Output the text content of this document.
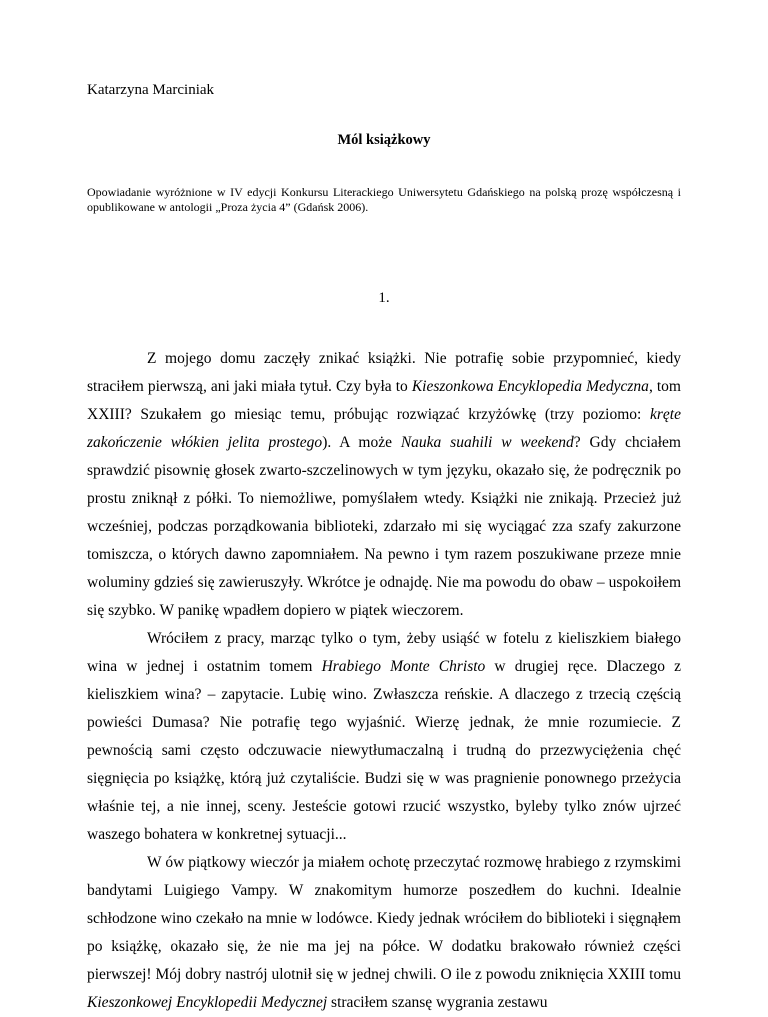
Katarzyna Marciniak
Mól książkowy
Opowiadanie wyróżnione w IV edycji Konkursu Literackiego Uniwersytetu Gdańskiego na polską prozę współczesną i opublikowane w antologii „Proza życia 4” (Gdańsk 2006).
1.

Z mojego domu zaczęły znikać książki. Nie potrafię sobie przypomnieć, kiedy straciłem pierwszą, ani jaki miała tytuł. Czy była to Kieszonkowa Encyklopedia Medyczna, tom XXIII? Szukałem go miesiąc temu, próbując rozwiązać krzyżówkę (trzy poziomo: kręte zakończenie włókien jelita prostego). A może Nauka suahili w weekend? Gdy chciałem sprawdzić pisownię głosek zwarto-szczelinowych w tym języku, okazało się, że podręcznik po prostu zniknął z półki. To niemożliwe, pomyślałem wtedy. Książki nie znikają. Przecież już wcześniej, podczas porządkowania biblioteki, zdarzało mi się wyciągać zza szafy zakurzone tomiszcza, o których dawno zapomniałem. Na pewno i tym razem poszukiwane przeze mnie woluminy gdzieś się zawieruszyły. Wkrótce je odnajdę. Nie ma powodu do obaw – uspokoiłem się szybko. W panikę wpadłem dopiero w piątek wieczorem.

Wróciłem z pracy, marząc tylko o tym, żeby usiąść w fotelu z kieliszkiem białego wina w jednej i ostatnim tomem Hrabiego Monte Christo w drugiej ręce. Dlaczego z kieliszkiem wina? – zapytacie. Lubię wino. Zwłaszcza reńskie. A dlaczego z trzecią częścią powieści Dumasa? Nie potrafię tego wyjaśnić. Wierzę jednak, że mnie rozumiecie. Z pewnością sami często odczuwacie niewytłumaczalną i trudną do przezwyciężenia chęć sięgnięcia po książkę, którą już czytaliście. Budzi się w was pragnienie ponownego przeżycia właśnie tej, a nie innej, sceny. Jesteście gotowi rzucić wszystko, byleby tylko znów ujrzeć waszego bohatera w konkretnej sytuacji...

W ów piątkowy wieczór ja miałem ochotę przeczytać rozmowę hrabiego z rzymskimi bandytami Luigiego Vampy. W znakomitym humorze poszedłem do kuchni. Idealnie schłodzone wino czekało na mnie w lodówce. Kiedy jednak wróciłem do biblioteki i sięgnąłem po książkę, okazało się, że nie ma jej na półce. W dodatku brakowało również części pierwszej! Mój dobry nastrój ulotnił się w jednej chwili. O ile z powodu zniknięcia XXIII tomu Kieszonkowej Encyklopedii Medycznej straciłem szansę wygrania zestawu
